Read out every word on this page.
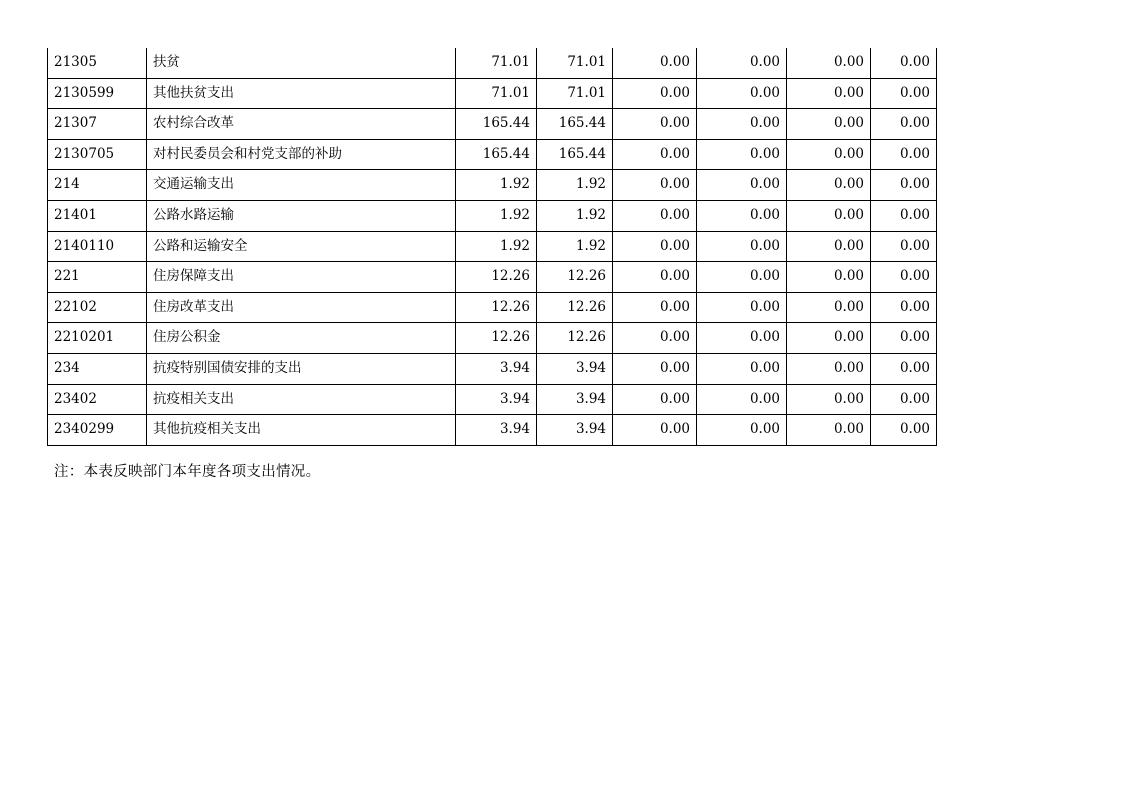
21305	扶贫	71.01	71.01	0.00	0.00	0.00	0.00
2130599	其他扶贫支出	71.01	71.01	0.00	0.00	0.00	0.00
21307	农村综合改革	165.44	165.44	0.00	0.00	0.00	0.00
2130705	对村民委员会和村党支部的补助	165.44	165.44	0.00	0.00	0.00	0.00
214	交通运输支出	1.92	1.92	0.00	0.00	0.00	0.00
21401	公路水路运输	1.92	1.92	0.00	0.00	0.00	0.00
2140110	公路和运输安全	1.92	1.92	0.00	0.00	0.00	0.00
221	住房保障支出	12.26	12.26	0.00	0.00	0.00	0.00
22102	住房改革支出	12.26	12.26	0.00	0.00	0.00	0.00
2210201	住房公积金	12.26	12.26	0.00	0.00	0.00	0.00
234	抗疫特别国债安排的支出	3.94	3.94	0.00	0.00	0.00	0.00
23402	抗疫相关支出	3.94	3.94	0.00	0.00	0.00	0.00
2340299	其他抗疫相关支出	3.94	3.94	0.00	0.00	0.00	0.00
注：本表反映部门本年度各项支出情况。
